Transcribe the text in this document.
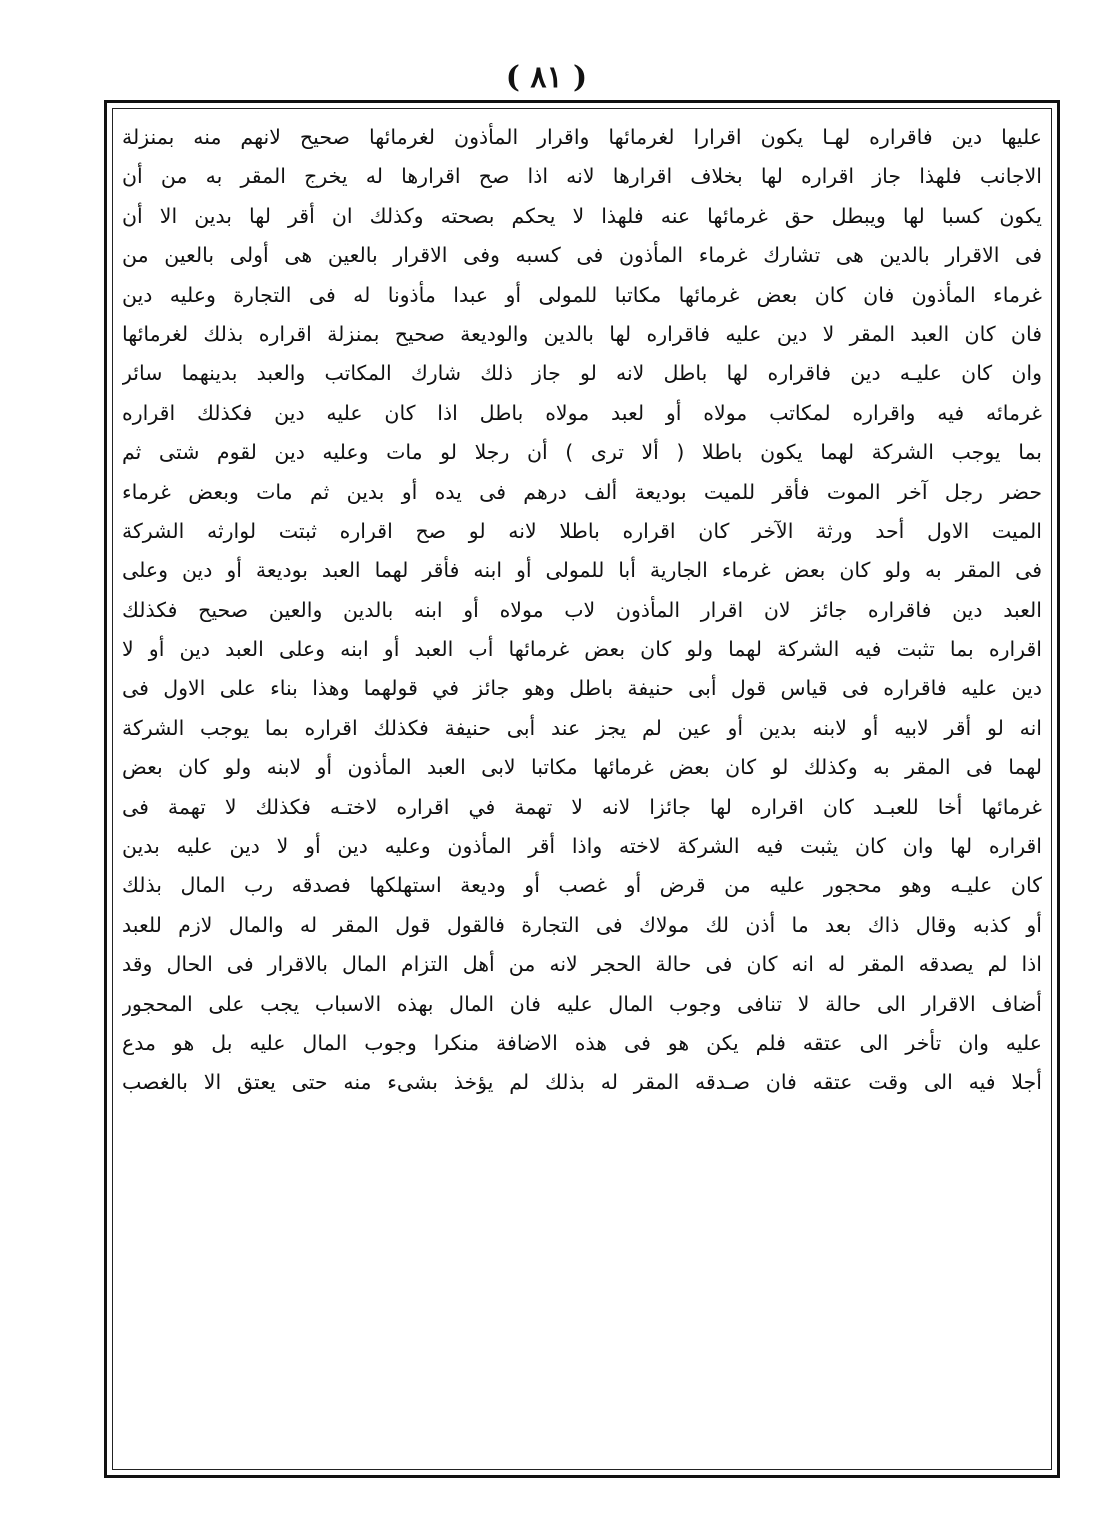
( ٨١ )
عليها دين فاقراره لهـا يكون اقرارا لغرمائها واقرار المأذون لغرمائها صحيح لانهم منه بمنزلة
الاجانب فلهذا جاز اقراره لها بخلاف اقرارها لانه اذا صح اقرارها له يخرج المقر به من أن
يكون كسبا لها ويبطل حق غرمائها عنه فلهذا لا يحكم بصحته وكذلك ان أقر لها بدين الا أن
فى الاقرار بالدين هى تشارك غرماء المأذون فى كسبه وفى الاقرار بالعين هى أولى بالعين من
غرماء المأذون فان كان بعض غرمائها مكاتبا للمولى أو عبدا مأذونا له فى التجارة وعليه دين
فان كان العبد المقر لا دين عليه فاقراره لها بالدين والوديعة صحيح بمنزلة اقراره بذلك لغرمائها
وان كان عليـه دين فاقراره لها باطل لانه لو جاز ذلك شارك المكاتب والعبد بدينهما سائر
غرمائه فيه واقراره لمكاتب مولاه أو لعبد مولاه باطل اذا كان عليه دين فكذلك اقراره
بما يوجب الشركة لهما يكون باطلا ( ألا ترى ) أن رجلا لو مات وعليه دين لقوم شتى ثم
حضر رجل آخر الموت فأقر للميت بوديعة ألف درهم فى يده أو بدين ثم مات وبعض غرماء
الميت الاول أحد ورثة الآخر كان اقراره باطلا لانه لو صح اقراره ثبتت لوارثه الشركة
فى المقر به ولو كان بعض غرماء الجارية أبا للمولى أو ابنه فأقر لهما العبد بوديعة أو دين وعلى
العبد دين فاقراره جائز لان اقرار المأذون لاب مولاه أو ابنه بالدين والعين صحيح فكذلك
اقراره بما تثبت فيه الشركة لهما ولو كان بعض غرمائها أب العبد أو ابنه وعلى العبد دين أو لا
دين عليه فاقراره فى قياس قول أبى حنيفة باطل وهو جائز في قولهما وهذا بناء على الاول فى
انه لو أقر لابيه أو لابنه بدين أو عين لم يجز عند أبى حنيفة فكذلك اقراره بما يوجب الشركة
لهما فى المقر به وكذلك لو كان بعض غرمائها مكاتبا لابى العبد المأذون أو لابنه ولو كان بعض
غرمائها أخا للعبـد كان اقراره لها جائزا لانه لا تهمة في اقراره لاختـه فكذلك لا تهمة فى
اقراره لها وان كان يثبت فيه الشركة لاخته واذا أقر المأذون وعليه دين أو لا دين عليه بدين
كان عليـه وهو محجور عليه من قرض أو غصب أو وديعة استهلكها فصدقه رب المال بذلك
أو كذبه وقال ذاك بعد ما أذن لك مولاك فى التجارة فالقول قول المقر له والمال لازم للعبد
اذا لم يصدقه المقر له انه كان فى حالة الحجر لانه من أهل التزام المال بالاقرار فى الحال وقد
أضاف الاقرار الى حالة لا تنافى وجوب المال عليه فان المال بهذه الاسباب يجب على المحجور
عليه وان تأخر الى عتقه فلم يكن هو فى هذه الاضافة منكرا وجوب المال عليه بل هو مدع
أجلا فيه الى وقت عتقه فان صـدقه المقر له بذلك لم يؤخذ بشىء منه حتى يعتق الا بالغصب
